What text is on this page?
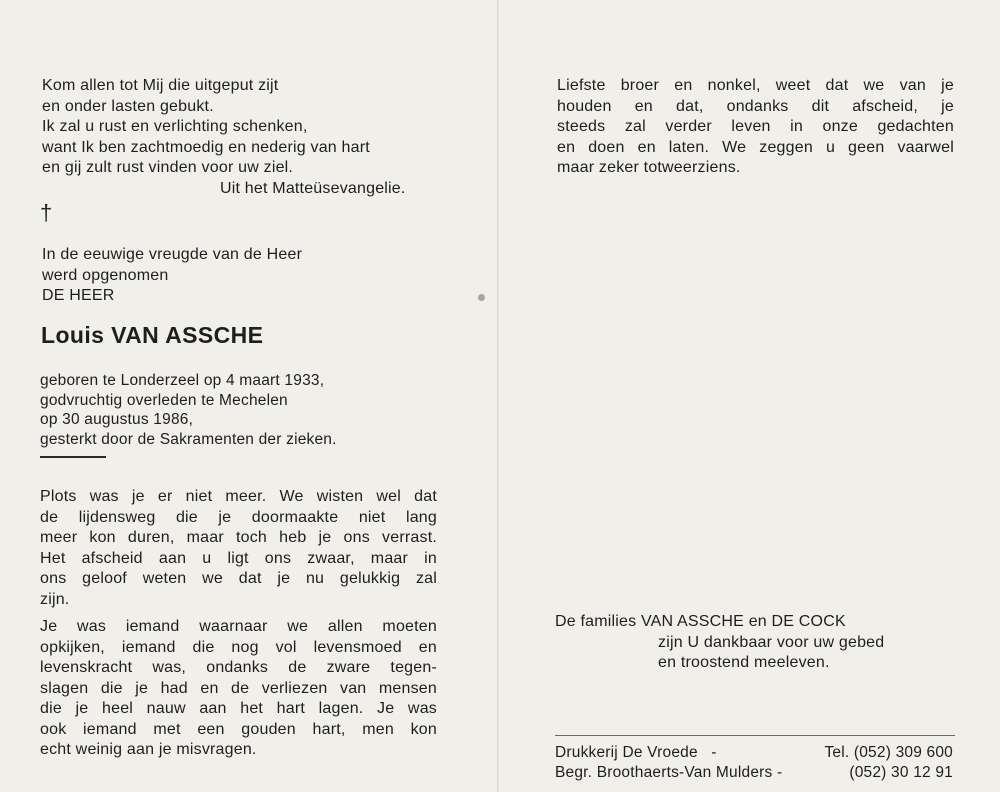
Kom allen tot Mij die uitgeput zijt
en onder lasten gebukt.
Ik zal u rust en verlichting schenken,
want Ik ben zachtmoedig en nederig van hart
en gij zult rust vinden voor uw ziel.
Uit het Matteüsevangelie.
†
In de eeuwige vreugde van de Heer
werd opgenomen
DE HEER
Louis VAN ASSCHE
geboren te Londerzeel op 4 maart 1933,
godvruchtig overleden te Mechelen
op 30 augustus 1986,
gesterkt door de Sakramenten der zieken.
Plots was je er niet meer. We wisten wel dat
de lijdensweg die je doormaakte niet lang
meer kon duren, maar toch heb je ons verrast.
Het afscheid aan u ligt ons zwaar, maar in
ons geloof weten we dat je nu gelukkig zal
zijn.
Je was iemand waarnaar we allen moeten
opkijken, iemand die nog vol levensmoed en
levenskracht was, ondanks de zware tegen-
slagen die je had en de verliezen van mensen
die je heel nauw aan het hart lagen. Je was
ook iemand met een gouden hart, men kon
echt weinig aan je misvragen.
Liefste broer en nonkel, weet dat we van je
houden en dat, ondanks dit afscheid, je
steeds zal verder leven in onze gedachten
en doen en laten. We zeggen u geen vaarwel
maar zeker totweerziens.
De families VAN ASSCHE en DE COCK
zijn U dankbaar voor uw gebed
en troostend meeleven.
Drukkerij De Vroede   -	Tel. (052) 309 600
Begr. Broothaerts-Van Mulders -	(052) 30 12 91
